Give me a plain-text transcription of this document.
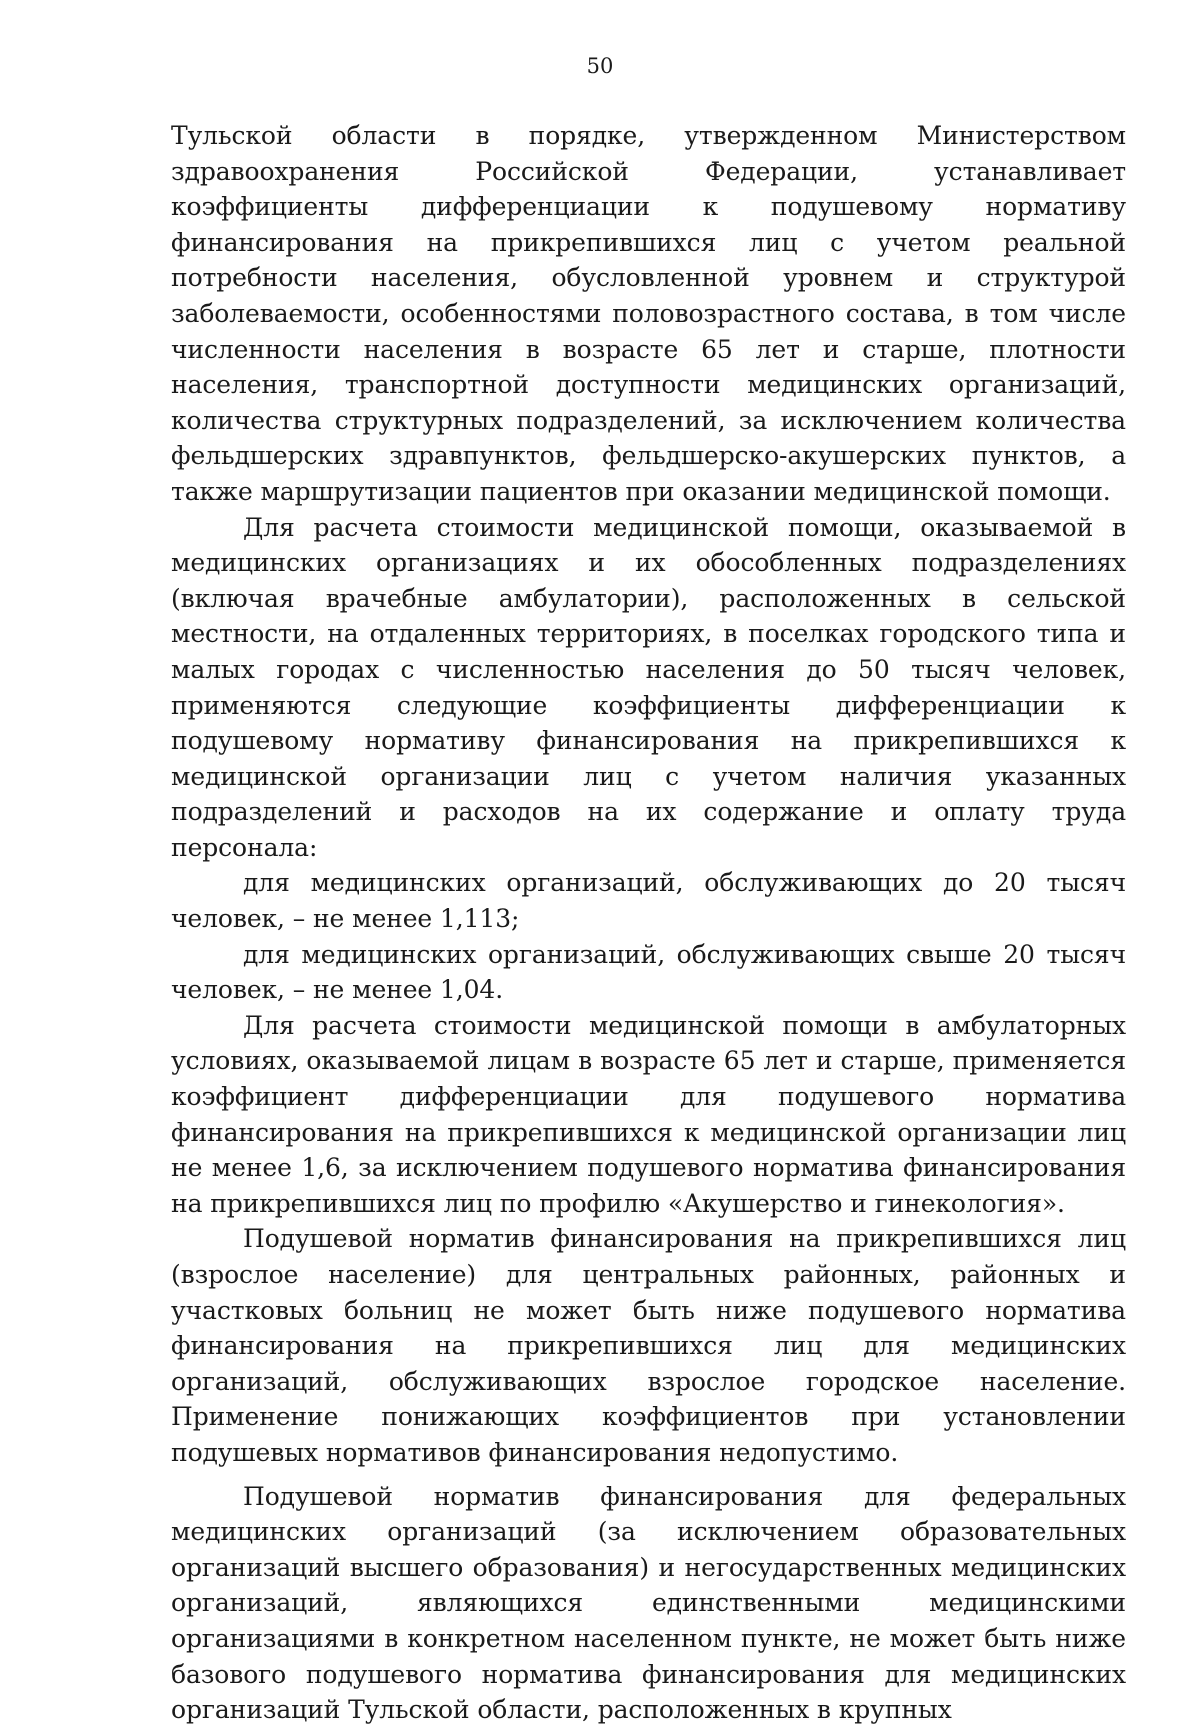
50

Тульской области в порядке, утвержденном Министерством здравоохранения Российской Федерации, устанавливает коэффициенты дифференциации к подушевому нормативу финансирования на прикрепившихся лиц с учетом реальной потребности населения, обусловленной уровнем и структурой заболеваемости, особенностями половозрастного состава, в том числе численности населения в возрасте 65 лет и старше, плотности населения, транспортной доступности медицинских организаций, количества структурных подразделений, за исключением количества фельдшерских здравпунктов, фельдшерско-акушерских пунктов, а также маршрутизации пациентов при оказании медицинской помощи.

Для расчета стоимости медицинской помощи, оказываемой в медицинских организациях и их обособленных подразделениях (включая врачебные амбулатории), расположенных в сельской местности, на отдаленных территориях, в поселках городского типа и малых городах с численностью населения до 50 тысяч человек, применяются следующие коэффициенты дифференциации к подушевому нормативу финансирования на прикрепившихся к медицинской организации лиц с учетом наличия указанных подразделений и расходов на их содержание и оплату труда персонала:

для медицинских организаций, обслуживающих до 20 тысяч человек, – не менее 1,113;

для медицинских организаций, обслуживающих свыше 20 тысяч человек, – не менее 1,04.

Для расчета стоимости медицинской помощи в амбулаторных условиях, оказываемой лицам в возрасте 65 лет и старше, применяется коэффициент дифференциации для подушевого норматива финансирования на прикрепившихся к медицинской организации лиц не менее 1,6, за исключением подушевого норматива финансирования на прикрепившихся лиц по профилю «Акушерство и гинекология».

Подушевой норматив финансирования на прикрепившихся лиц (взрослое население) для центральных районных, районных и участковых больниц не может быть ниже подушевого норматива финансирования на прикрепившихся лиц для медицинских организаций, обслуживающих взрослое городское население. Применение понижающих коэффициентов при установлении подушевых нормативов финансирования недопустимо.

Подушевой норматив финансирования для федеральных медицинских организаций (за исключением образовательных организаций высшего образования) и негосударственных медицинских организаций, являющихся единственными медицинскими организациями в конкретном населенном пункте, не может быть ниже базового подушевого норматива финансирования для медицинских организаций Тульской области, расположенных в крупных
